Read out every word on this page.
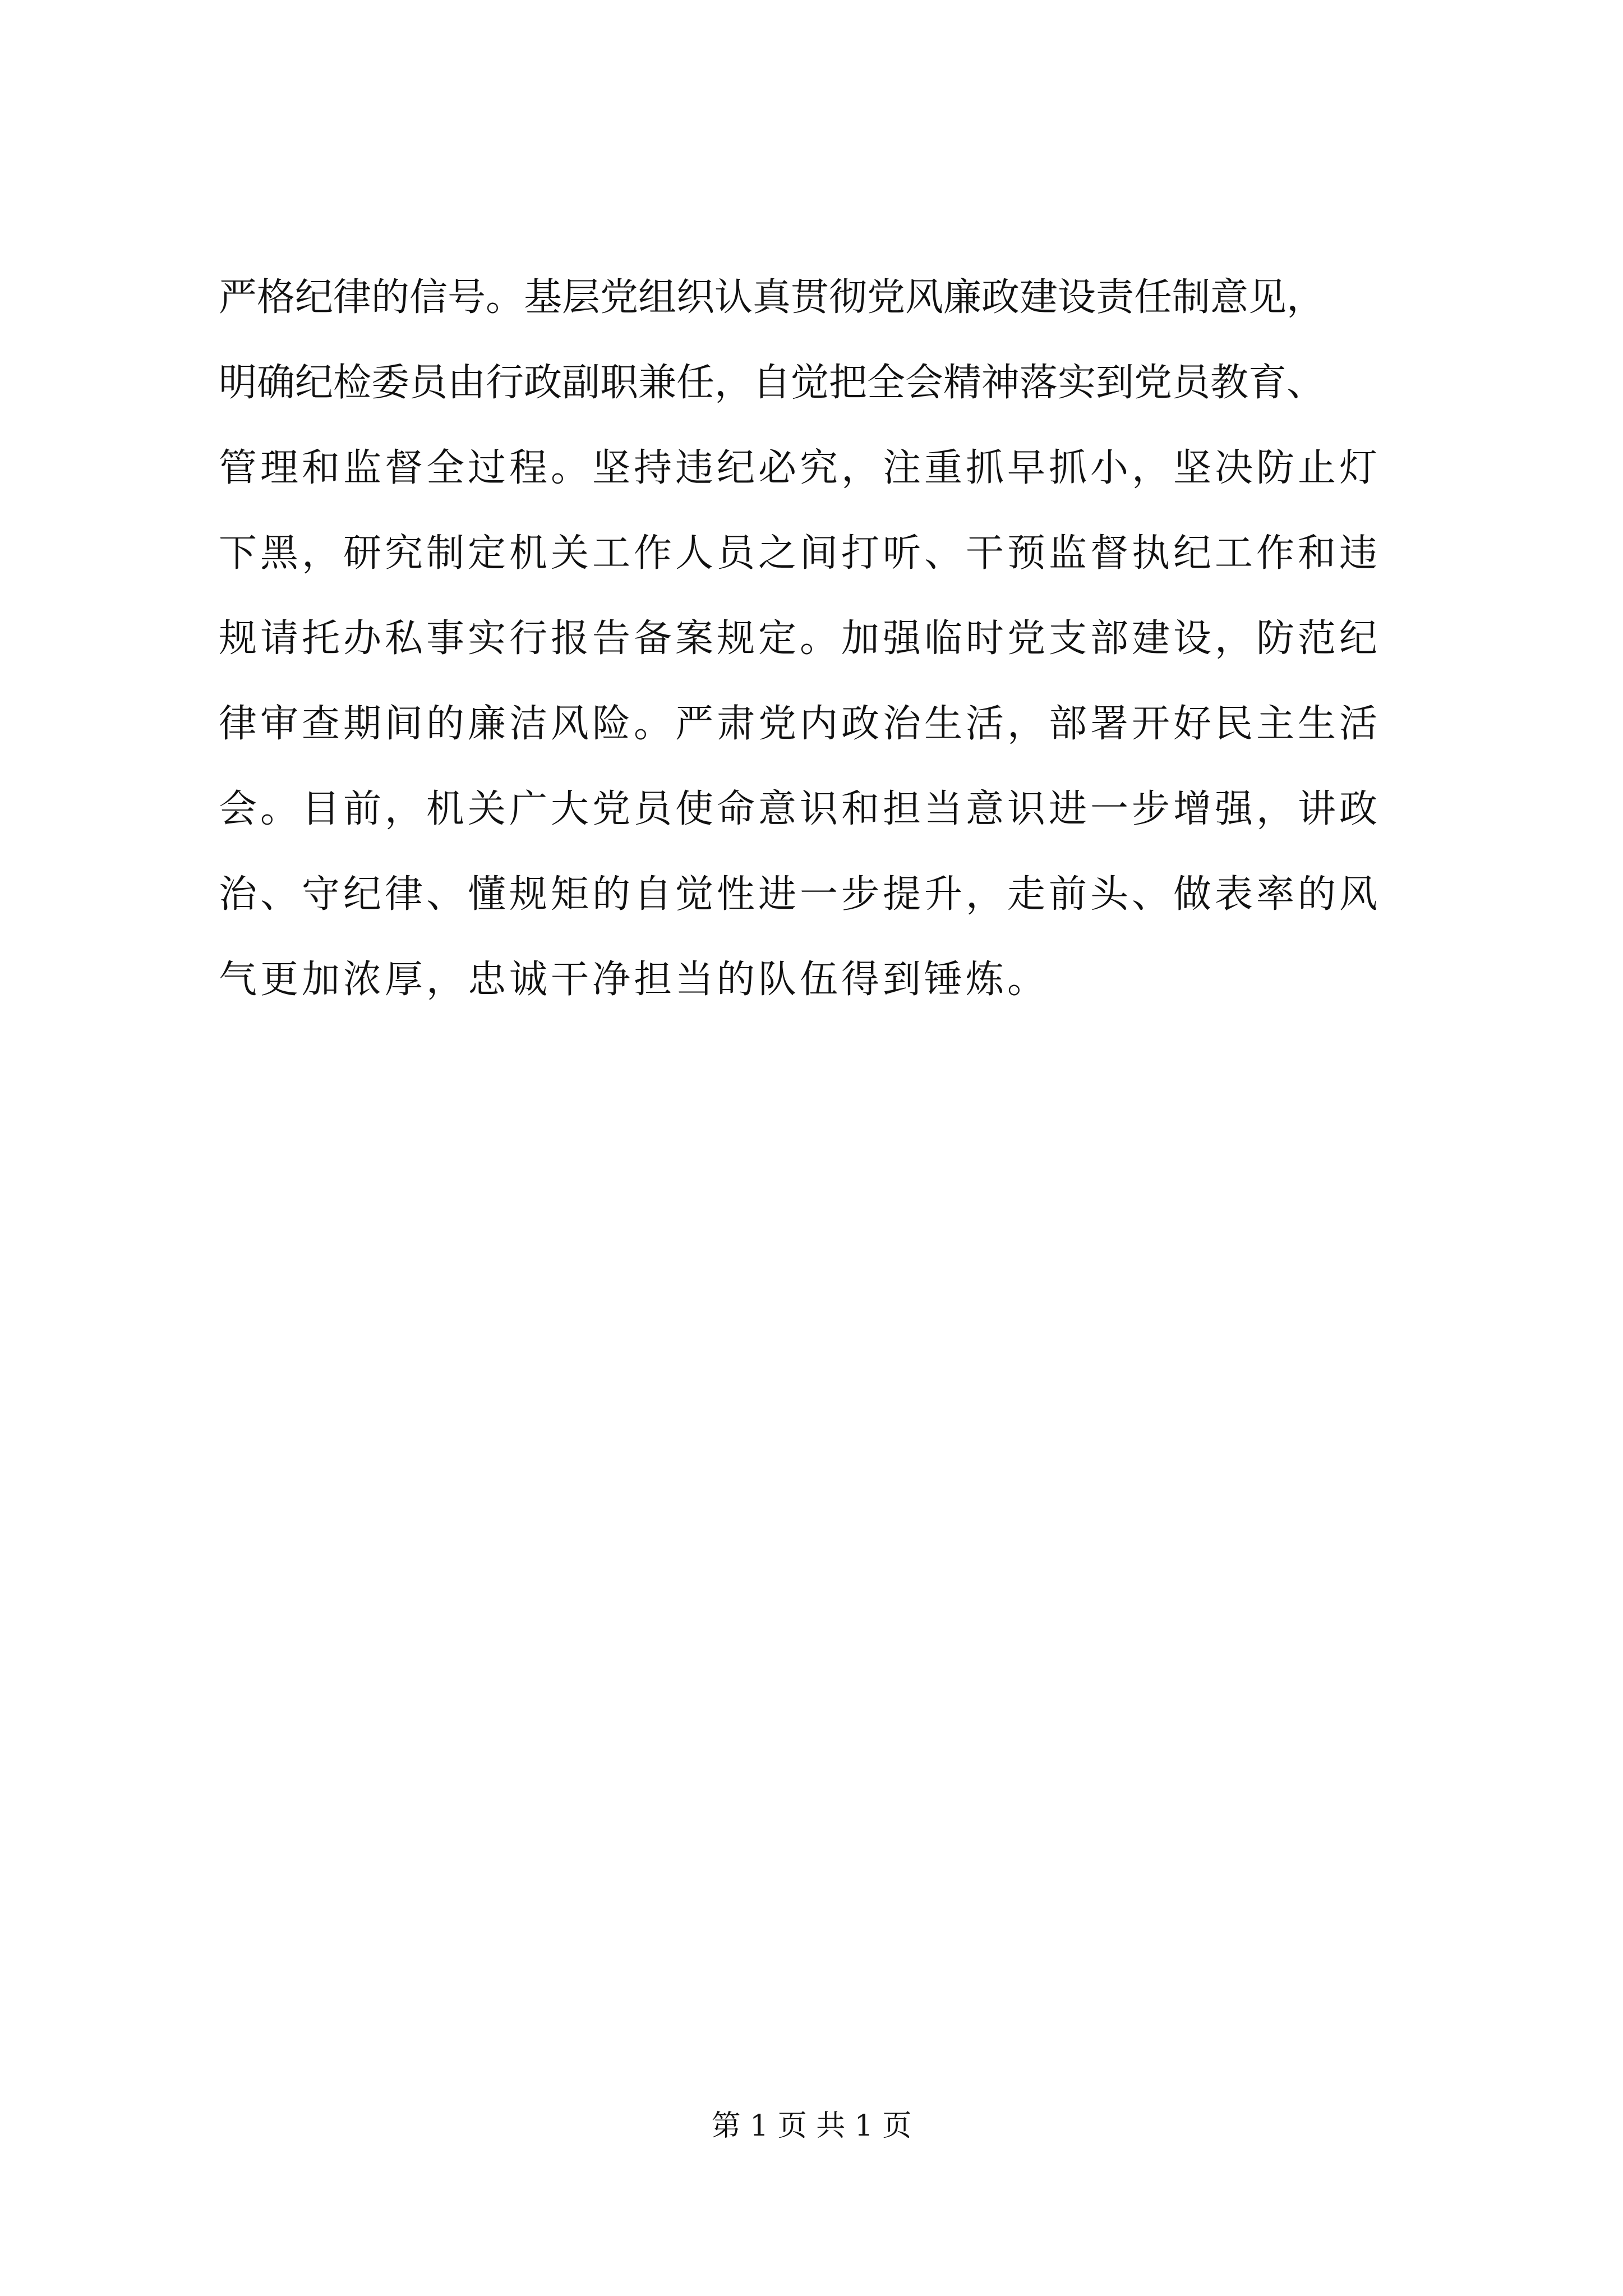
严格纪律的信号。基层党组织认真贯彻党风廉政建设责任制意见，
明确纪检委员由行政副职兼任，自觉把全会精神落实到党员教育、
管理和监督全过程。坚持违纪必究，注重抓早抓小，坚决防止灯
下黑，研究制定机关工作人员之间打听、干预监督执纪工作和违
规请托办私事实行报告备案规定。加强临时党支部建设，防范纪
律审查期间的廉洁风险。严肃党内政治生活，部署开好民主生活
会。目前，机关广大党员使命意识和担当意识进一步增强，讲政
治、守纪律、懂规矩的自觉性进一步提升，走前头、做表率的风
气更加浓厚，忠诚干净担当的队伍得到锤炼。
第 1 页 共 1 页
